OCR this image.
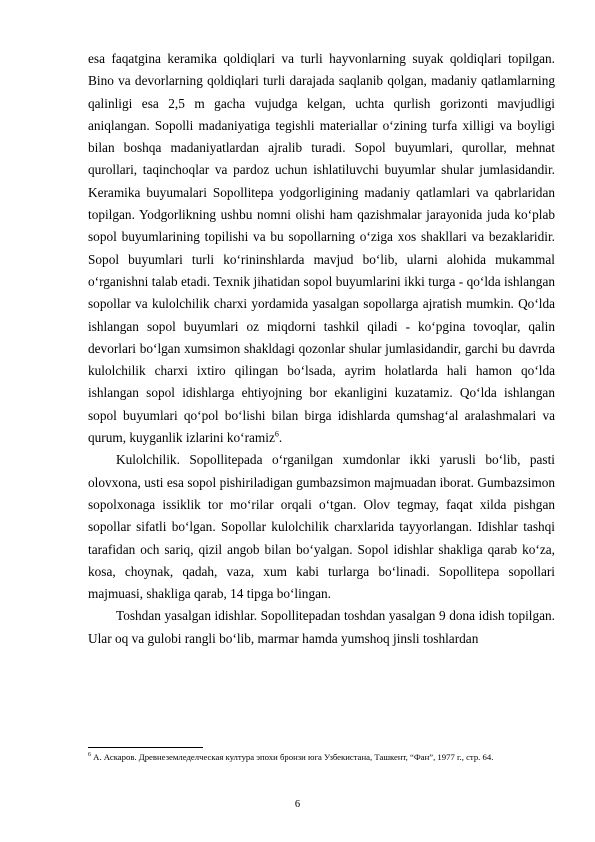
esa faqatgina keramika qoldiqlari va turli hayvonlarning suyak qoldiqlari topilgan. Bino va devorlarning qoldiqlari turli darajada saqlanib qolgan, madaniy qatlamlarning qalinligi esa 2,5 m gacha vujudga kelgan, uchta qurlish gorizonti mavjudligi aniqlangan. Sopolli madaniyatiga tegishli materiallar o‘zining turfa xilligi va boyligi bilan boshqa madaniyatlardan ajralib turadi. Sopol buyumlari, qurollar, mehnat qurollari, taqinchoqlar va pardoz uchun ishlatiluvchi buyumlar shular jumlasidandir. Keramika buyumalari Sopollitepa yodgorligining madaniy qatlamlari va qabrlaridan topilgan. Yodgorlikning ushbu nomni olishi ham qazishmalar jarayonida juda ko‘plab sopol buyumlarining topilishi va bu sopollarning o‘ziga xos shakllari va bezaklaridir. Sopol buyumlari turli ko‘rininshlarda mavjud bo‘lib, ularni alohida mukammal o‘rganishni talab etadi. Texnik jihatidan sopol buyumlarini ikki turga - qo‘lda ishlangan sopollar va kulolchilik charxi yordamida yasalgan sopollarga ajratish mumkin. Qo‘lda ishlangan sopol buyumlari oz miqdorni tashkil qiladi - ko‘pgina tovoqlar, qalin devorlari bo‘lgan xumsimon shakldagi qozonlar shular jumlasidandir, garchi bu davrda kulolchilik charxi ixtiro qilingan bo‘lsada, ayrim holatlarda hali hamon qo‘lda ishlangan sopol idishlarga ehtiyojning bor ekanligini kuzatamiz. Qo‘lda ishlangan sopol buyumlari qo‘pol bo‘lishi bilan birga idishlarda qumshag‘al aralashmalari va qurum, kuyganlik izlarini ko‘ramiz$^6$.

Kulolchilik. Sopollitepada o‘rganilgan xumdonlar ikki yarusli bo‘lib, pasti olovxona, usti esa sopol pishiriladigan gumbazsimon majmuadan iborat. Gumbazsimon sopolxonaga issiklik tor mo‘rilar orqali o‘tgan. Olov tegmay, faqat xilda pishgan sopollar sifatli bo‘lgan. Sopollar kulolchilik charxlarida tayyorlangan. Idishlar tashqi tarafidan och sariq, qizil angob bilan bo‘yalgan. Sopol idishlar shakliga qarab ko‘za, kosa, choynak, qadah, vaza, xum kabi turlarga bo‘linadi. Sopollitepa sopollari majmuasi, shakliga qarab, 14 tipga bo‘lingan.

Toshdan yasalgan idishlar. Sopollitepadan toshdan yasalgan 9 dona idish topilgan. Ular oq va gulobi rangli bo‘lib, marmar hamda yumshoq jinsli toshlardan

$^6$ А. Аскаров. Древнеземледелческая култура эпохи бронзи юга Узбекистана, Ташкент, “Фан”, 1977 г., стр. 64.

6
